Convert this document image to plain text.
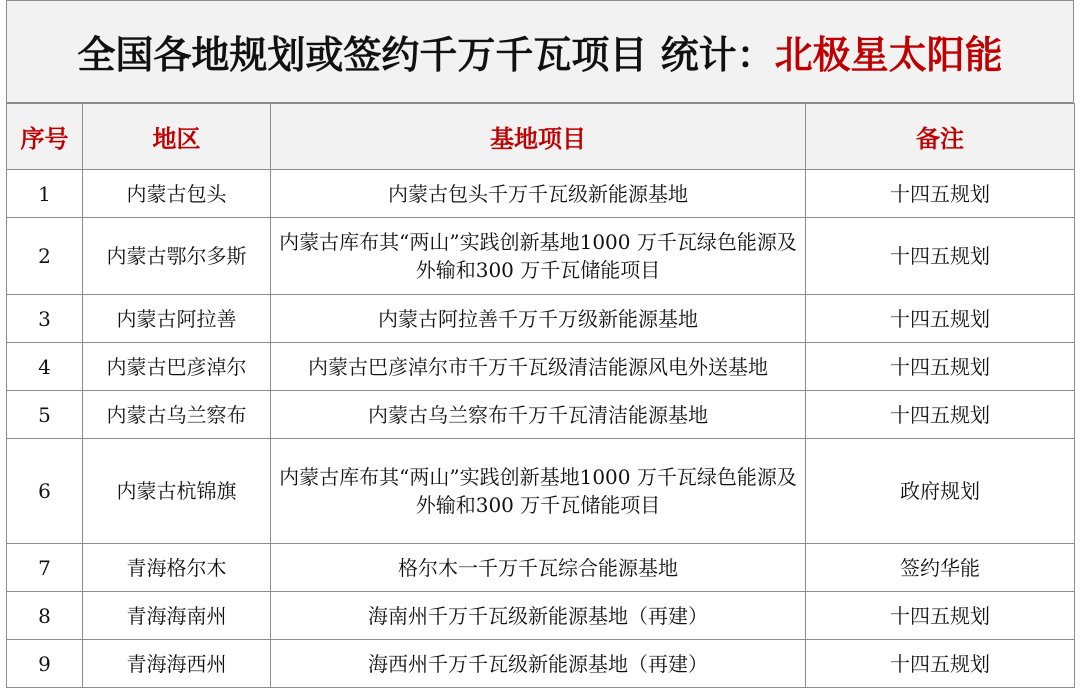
全国各地规划或签约千万千瓦项目 统计： 北极星太阳能
序号	地区	基地项目	备注
1	内蒙古包头	内蒙古包头千万千瓦级新能源基地	十四五规划
2	内蒙古鄂尔多斯	内蒙古库布其“两山”实践创新基地1000 万千瓦绿色能源及外输和300 万千瓦储能项目	十四五规划
3	内蒙古阿拉善	内蒙古阿拉善千万千万级新能源基地	十四五规划
4	内蒙古巴彦淖尔	内蒙古巴彦淖尔市千万千瓦级清洁能源风电外送基地	十四五规划
5	内蒙古乌兰察布	内蒙古乌兰察布千万千瓦清洁能源基地	十四五规划
6	内蒙古杭锦旗	内蒙古库布其“两山”实践创新基地1000 万千瓦绿色能源及外输和300 万千瓦储能项目	政府规划
7	青海格尔木	格尔木一千万千瓦综合能源基地	签约华能
8	青海海南州	海南州千万千瓦级新能源基地（再建）	十四五规划
9	青海海西州	海西州千万千瓦级新能源基地（再建）	十四五规划
